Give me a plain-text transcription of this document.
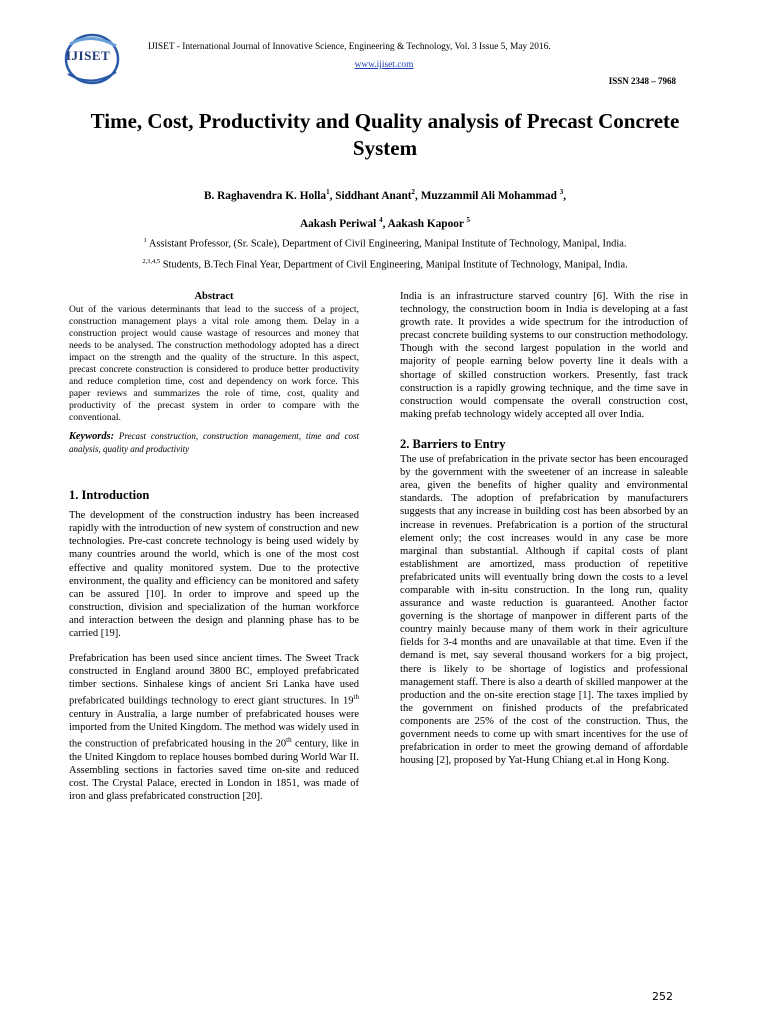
IJISET
IJISET - International Journal of Innovative Science, Engineering & Technology, Vol. 3 Issue 5, May 2016.
www.ijiset.com
ISSN 2348 – 7968
Time, Cost, Productivity and Quality analysis of Precast Concrete System
B. Raghavendra K. Holla$^1$, Siddhant Anant$^2$, Muzzammil Ali Mohammad $^3$,
Aakash Periwal $^4$, Aakash Kapoor $^5$
$^1$ Assistant Professor, (Sr. Scale), Department of Civil Engineering, Manipal Institute of Technology, Manipal, India.
$^{2,3,4,5}$ Students, B.Tech Final Year, Department of Civil Engineering, Manipal Institute of Technology, Manipal, India.
Abstract

Out of the various determinants that lead to the success of a project, construction management plays a vital role among them. Delay in a construction project would cause wastage of resources and money that needs to be analysed. The construction methodology adopted has a direct impact on the strength and the quality of the structure. In this aspect, precast concrete construction is considered to produce better productivity and reduce completion time, cost and dependency on work force. This paper reviews and summarizes the role of time, cost, quality and productivity of the precast system in order to compare with the conventional.

Keywords: Precast construction, construction management, time and cost analysis, quality and productivity
1. Introduction

The development of the construction industry has been increased rapidly with the introduction of new system of construction and new technologies. Pre-cast concrete technology is being used widely by many countries around the world, which is one of the most cost effective and quality monitored system. Due to the protective environment, the quality and efficiency can be monitored and safety can be assured [10]. In order to improve and speed up the construction, division and specialization of the human workforce and interaction between the design and planning phase has to be carried [19].

Prefabrication has been used since ancient times. The Sweet Track constructed in England around 3800 BC, employed prefabricated timber sections. Sinhalese kings of ancient Sri Lanka have used prefabricated buildings technology to erect giant structures. In 19th century in Australia, a large number of prefabricated houses were imported from the United Kingdom. The method was widely used in the construction of prefabricated housing in the 20th century, like in the United Kingdom to replace houses bombed during World War II. Assembling sections in factories saved time on-site and reduced cost. The Crystal Palace, erected in London in 1851, was made of iron and glass prefabricated construction [20].

India is an infrastructure starved country [6]. With the rise in technology, the construction boom in India is developing at a fast growth rate. It provides a wide spectrum for the introduction of precast concrete building systems to our construction methodology. Though with the second largest population in the world and majority of people earning below poverty line it deals with a shortage of skilled construction workers. Presently, fast track construction is a rapidly growing technique, and the time save in construction would compensate the overall construction cost, making prefab technology widely accepted all over India.

2. Barriers to Entry

The use of prefabrication in the private sector has been encouraged by the government with the sweetener of an increase in saleable area, given the benefits of higher quality and environmental standards. The adoption of prefabrication by manufacturers suggests that any increase in building cost has been absorbed by an increase in revenues. Prefabrication is a portion of the structural element only; the cost increases would in any case be more marginal than substantial. Although if capital costs of plant establishment are amortized, mass production of repetitive prefabricated units will eventually bring down the costs to a level comparable with in-situ construction. In the long run, quality assurance and waste reduction is guaranteed. Another factor governing is the shortage of manpower in different parts of the country mainly because many of them work in their agriculture fields for 3-4 months and are unavailable at that time. Even if the demand is met, say several thousand workers for a big project, there is likely to be shortage of logistics and professional management staff. There is also a dearth of skilled manpower at the production and the on-site erection stage [1]. The taxes implied by the government on finished products of the prefabricated components are 25% of the cost of the construction. Thus, the government needs to come up with smart incentives for the use of prefabrication in order to meet the growing demand of affordable housing [2], proposed by Yat-Hung Chiang et.al in Hong Kong.

252
